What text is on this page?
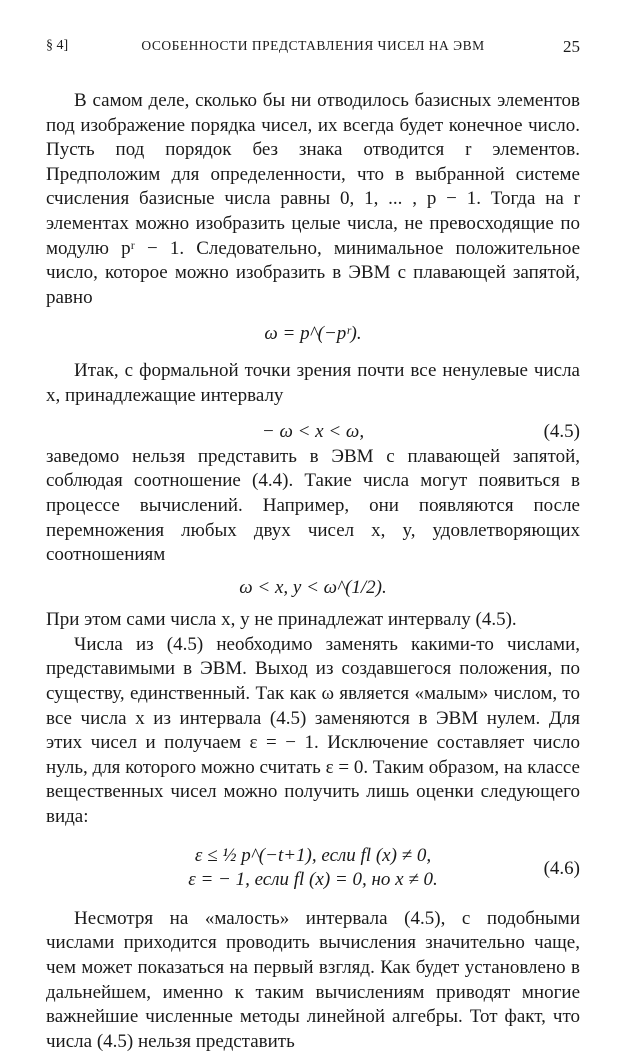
§ 4]	ОСОБЕННОСТИ ПРЕДСТАВЛЕНИЯ ЧИСЕЛ НА ЭВМ	25

В самом деле, сколько бы ни отводилось базисных элементов под изображение порядка чисел, их всегда будет конечное число. Пусть под порядок без знака отводится r элементов. Предположим для определенности, что в выбранной системе счисления базисные числа равны 0, 1, ... , p − 1. Тогда на r элементах можно изобразить целые числа, не превосходящие по модулю pʳ − 1. Следовательно, минимальное положительное число, которое можно изобразить в ЭВМ с плавающей запятой, равно

ω = p^(−pʳ).

Итак, с формальной точки зрения почти все ненулевые числа x, принадлежащие интервалу

− ω < x < ω,	(4.5)

заведомо нельзя представить в ЭВМ с плавающей запятой, соблюдая соотношение (4.4). Такие числа могут появиться в процессе вычислений. Например, они появляются после перемножения любых двух чисел x, y, удовлетворяющих соотношениям

ω < x, y < ω^(1/2).

При этом сами числа x, y не принадлежат интервалу (4.5).

Числа из (4.5) необходимо заменять какими-то числами, представимыми в ЭВМ. Выход из создавшегося положения, по существу, единственный. Так как ω является «малым» числом, то все числа x из интервала (4.5) заменяются в ЭВМ нулем. Для этих чисел и получаем ε = − 1. Исключение составляет число нуль, для которого можно считать ε = 0. Таким образом, на классе вещественных чисел можно получить лишь оценки следующего вида:

ε ≤ ½ p^(−t+1), если fl (x) ≠ 0,
ε = − 1, если fl (x) = 0, но x ≠ 0.
(4.6)

Несмотря на «малость» интервала (4.5), с подобными числами приходится проводить вычисления значительно чаще, чем может показаться на первый взгляд. Как будет установлено в дальнейшем, именно к таким вычислениям приводят многие важнейшие численные методы линейной алгебры. Тот факт, что числа (4.5) нельзя представить
